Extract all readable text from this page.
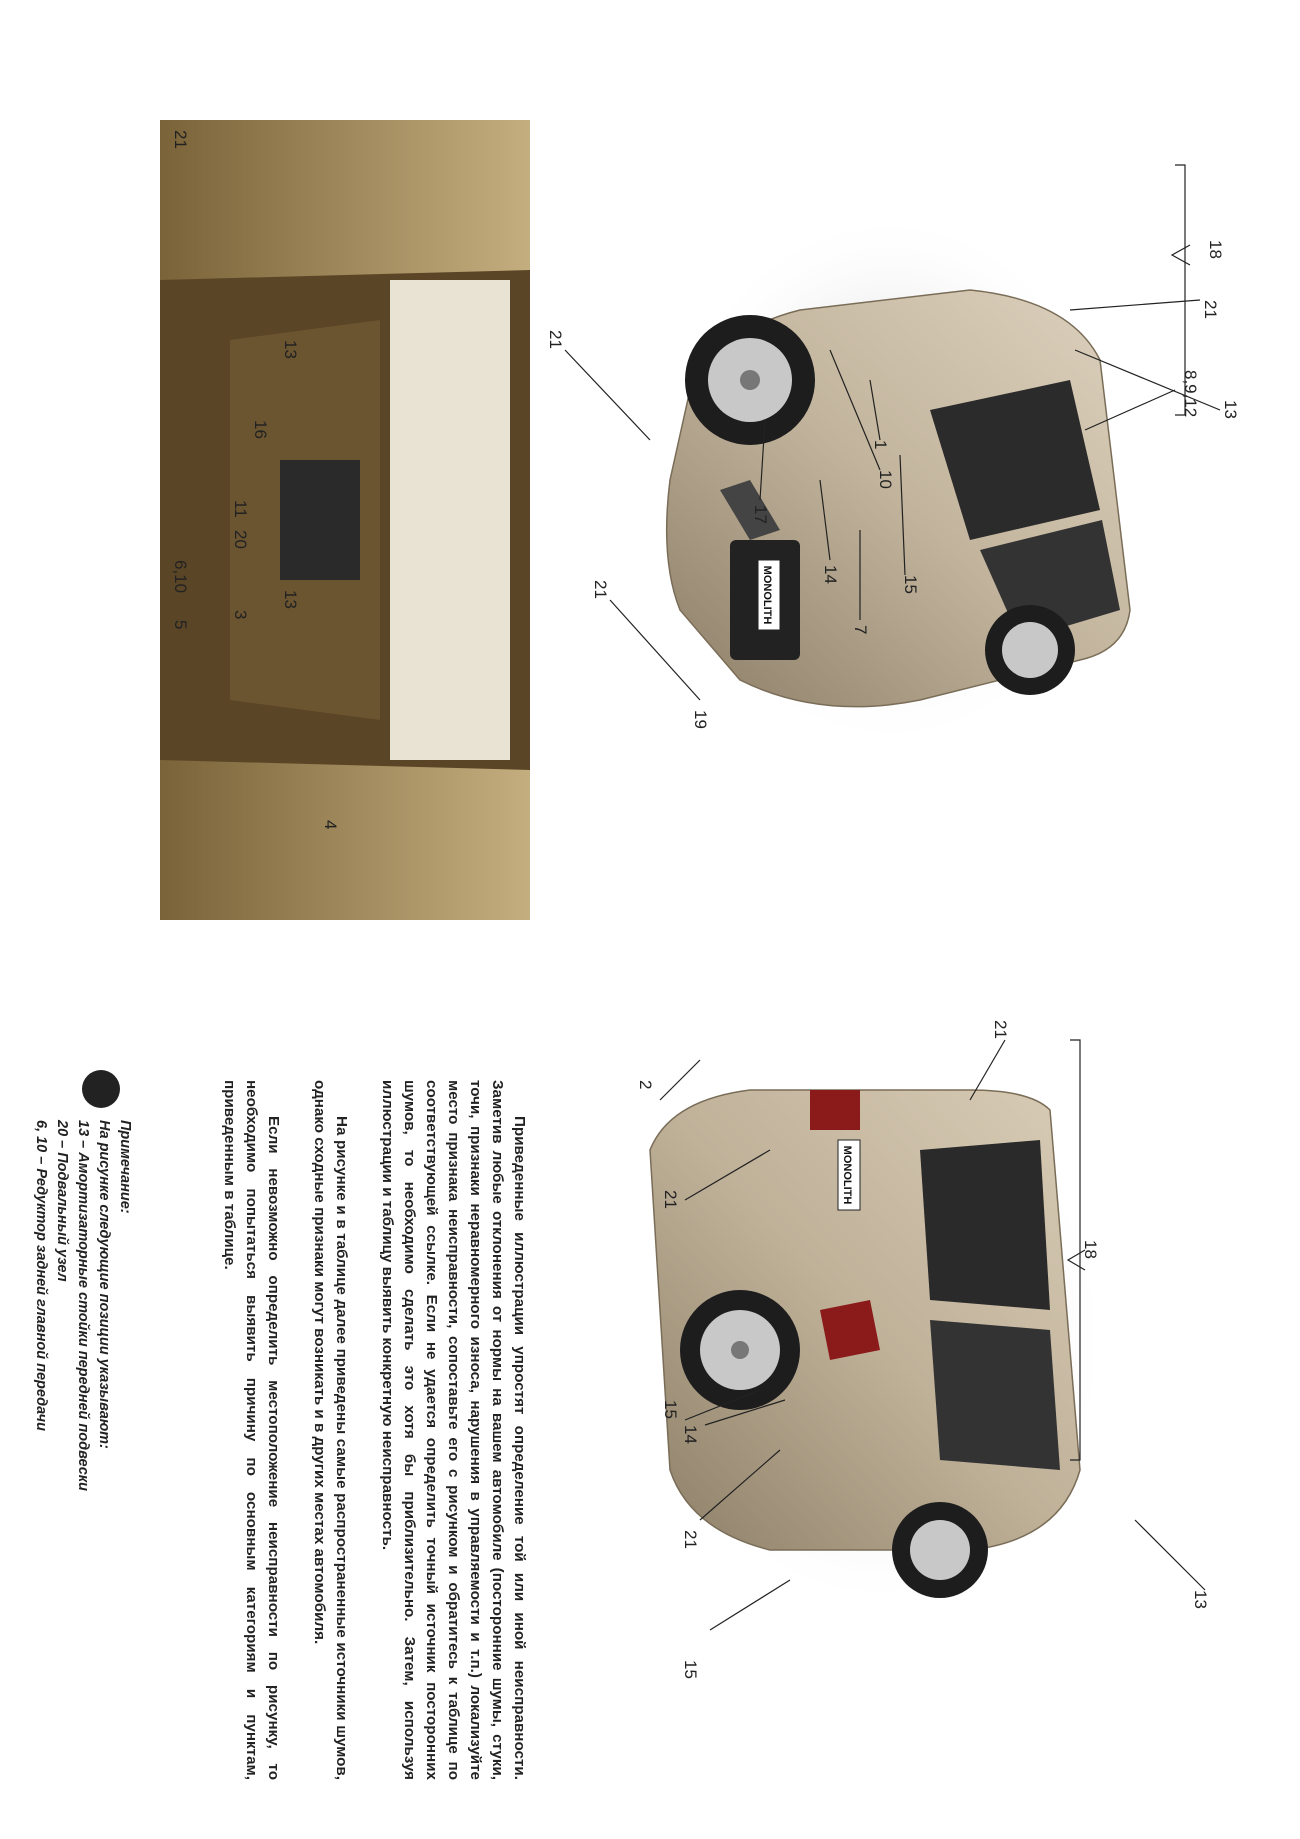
MONOLITH
18
8,9,12 13
21
19
21	15
7
14
17
1
10
21
MONOLITH
18
13
15
21
14
15
21
2
21
21
13
16
13
11
20
3
4
5
6,10

Приведенные иллюстрации упростят определение той или иной неисправности. Заметив любые отклонения от нормы на вашем автомобиле (посторонние шумы, стуки, точи, признаки неравномерного износа, нарушения в управляемости и т.п.) локализуйте место признака неисправности, сопоставьте его с рисунком и обратитесь к таблице по соответствующей ссылке. Если не удается определить точный источник посторонних шумов, то необходимо сделать это хотя бы приблизительно. Затем, используя иллюстрации и таблицу выявить конкретную неисправность.

На рисунке и в таблице далее приведены самые распространенные источники шумов, однако сходные признаки могут возникать и в других местах автомобиля.

Если невозможно определить местоположение неисправности по рисунку, то необходимо попытаться выявить причину по основным категориям и пунктам, приведенным в таблице.

Примечание:
На рисунке следующие позиции указывают:
13 – Амортизаторные стойки передней подвески
20 – Подвальный узел
6, 10 – Редуктор задней главной передачи
